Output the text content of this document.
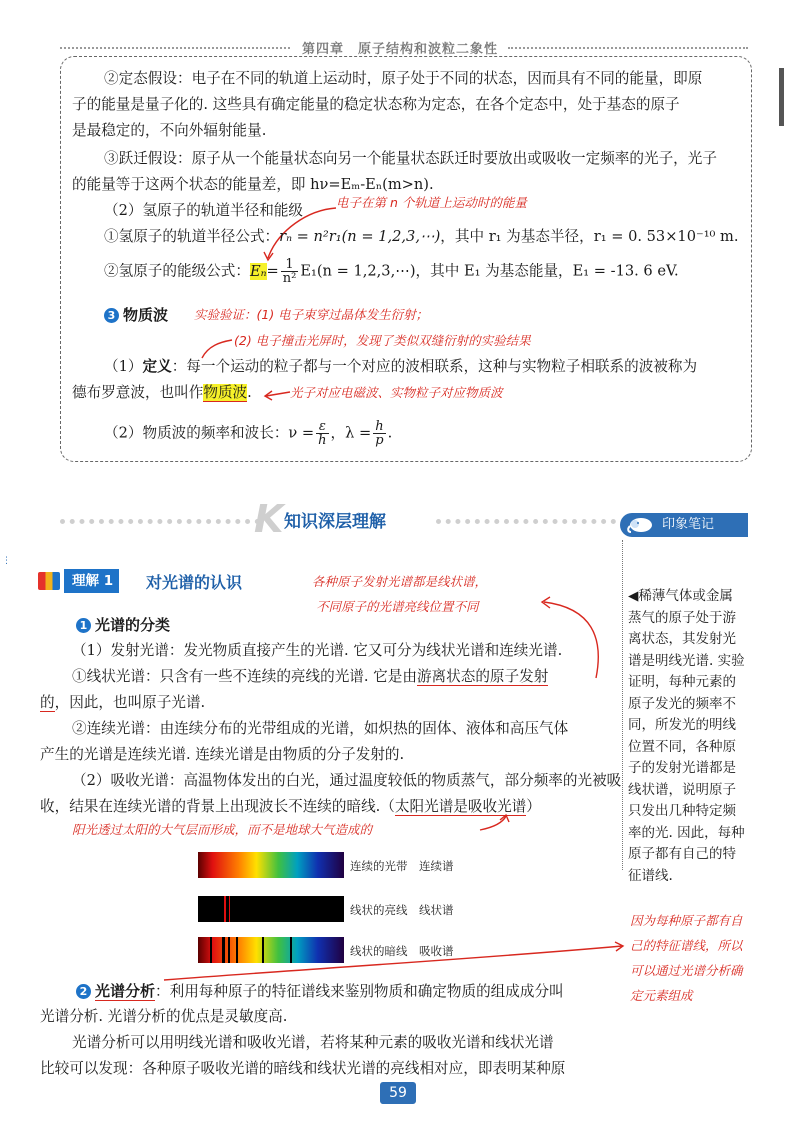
第四章　原子结构和波粒二象性
②定态假设：电子在不同的轨道上运动时，原子处于不同的状态，因而具有不同的能量，即原
子的能量是量子化的. 这些具有确定能量的稳定状态称为定态，在各个定态中，处于基态的原子
是最稳定的，不向外辐射能量.
③跃迁假设：原子从一个能量状态向另一个能量状态跃迁时要放出或吸收一定频率的光子，光子
的能量等于这两个状态的能量差，即 hν=Eₘ-Eₙ(m>n).
（2）氢原子的轨道半径和能级	电子在第 n 个轨道上运动时的能量
①氢原子的轨道半径公式：rₙ = n²r₁(n = 1,2,3,⋯)，其中 r₁ 为基态半径，r₁ = 0. 53×10⁻¹⁰ m.
②氢原子的能级公式：$E_n= \frac{1}{\text{n²}} E_1(n$ = 1,2,3,⋯)，其中 E₁ 为基态能量，E₁ = -13. 6 eV.
3 物质波 实验验证：(1) 电子束穿过晶体发生衍射；
(2) 电子撞击光屏时，发现了类似双缝衍射的实验结果
（1）定义：每一个运动的粒子都与一个对应的波相联系，这种与实物粒子相联系的波被称为
德布罗意波，也叫作物质波.	光子对应电磁波、实物粒子对应物质波
（2）物质波的频率和波长：$\nu = \frac{\varepsilon}{h}$ ，$\lambda = \frac{h}{p}$ .
K 知识深层理解	印象笔记
◀稀薄气体或金属蒸气的原子处于游离状态，其发射光谱是明线光谱. 实验证明，每种元素的原子发光的频率不同，所发光的明线位置不同，各种原子的发射光谱都是线状谱，说明原子只发出几种特定频率的光. 因此，每种原子都有自己的特征谱线.
⋮
理解 1	对光谱的认识	各种原子发射光谱都是线状谱，
不同原子的光谱亮线位置不同
1 光谱的分类
（1）发射光谱：发光物质直接产生的光谱. 它又可分为线状光谱和连续光谱.
①线状光谱：只含有一些不连续的亮线的光谱. 它是由游离状态的原子发射
的，因此，也叫原子光谱.
②连续光谱：由连续分布的光带组成的光谱，如炽热的固体、液体和高压气体
产生的光谱是连续光谱. 连续光谱是由物质的分子发射的.
（2）吸收光谱：高温物体发出的白光，通过温度较低的物质蒸气，部分频率的光被吸
收，结果在连续光谱的背景上出现波长不连续的暗线.（太阳光谱是吸收光谱）
阳光透过太阳的大气层而形成，而不是地球大气造成的
连续的光带　 连续谱
线状的亮线　 线状谱
线状的暗线　 吸收谱
因为每种原子都有自己的特征谱线，所以可以通过光谱分析确定元素组成
2 光谱分析：利用每种原子的特征谱线来鉴别物质和确定物质的组成成分叫
光谱分析. 光谱分析的优点是灵敏度高.
光谱分析可以用明线光谱和吸收光谱，若将某种元素的吸收光谱和线状光谱
比较可以发现：各种原子吸收光谱的暗线和线状光谱的亮线相对应，即表明某种原
59
